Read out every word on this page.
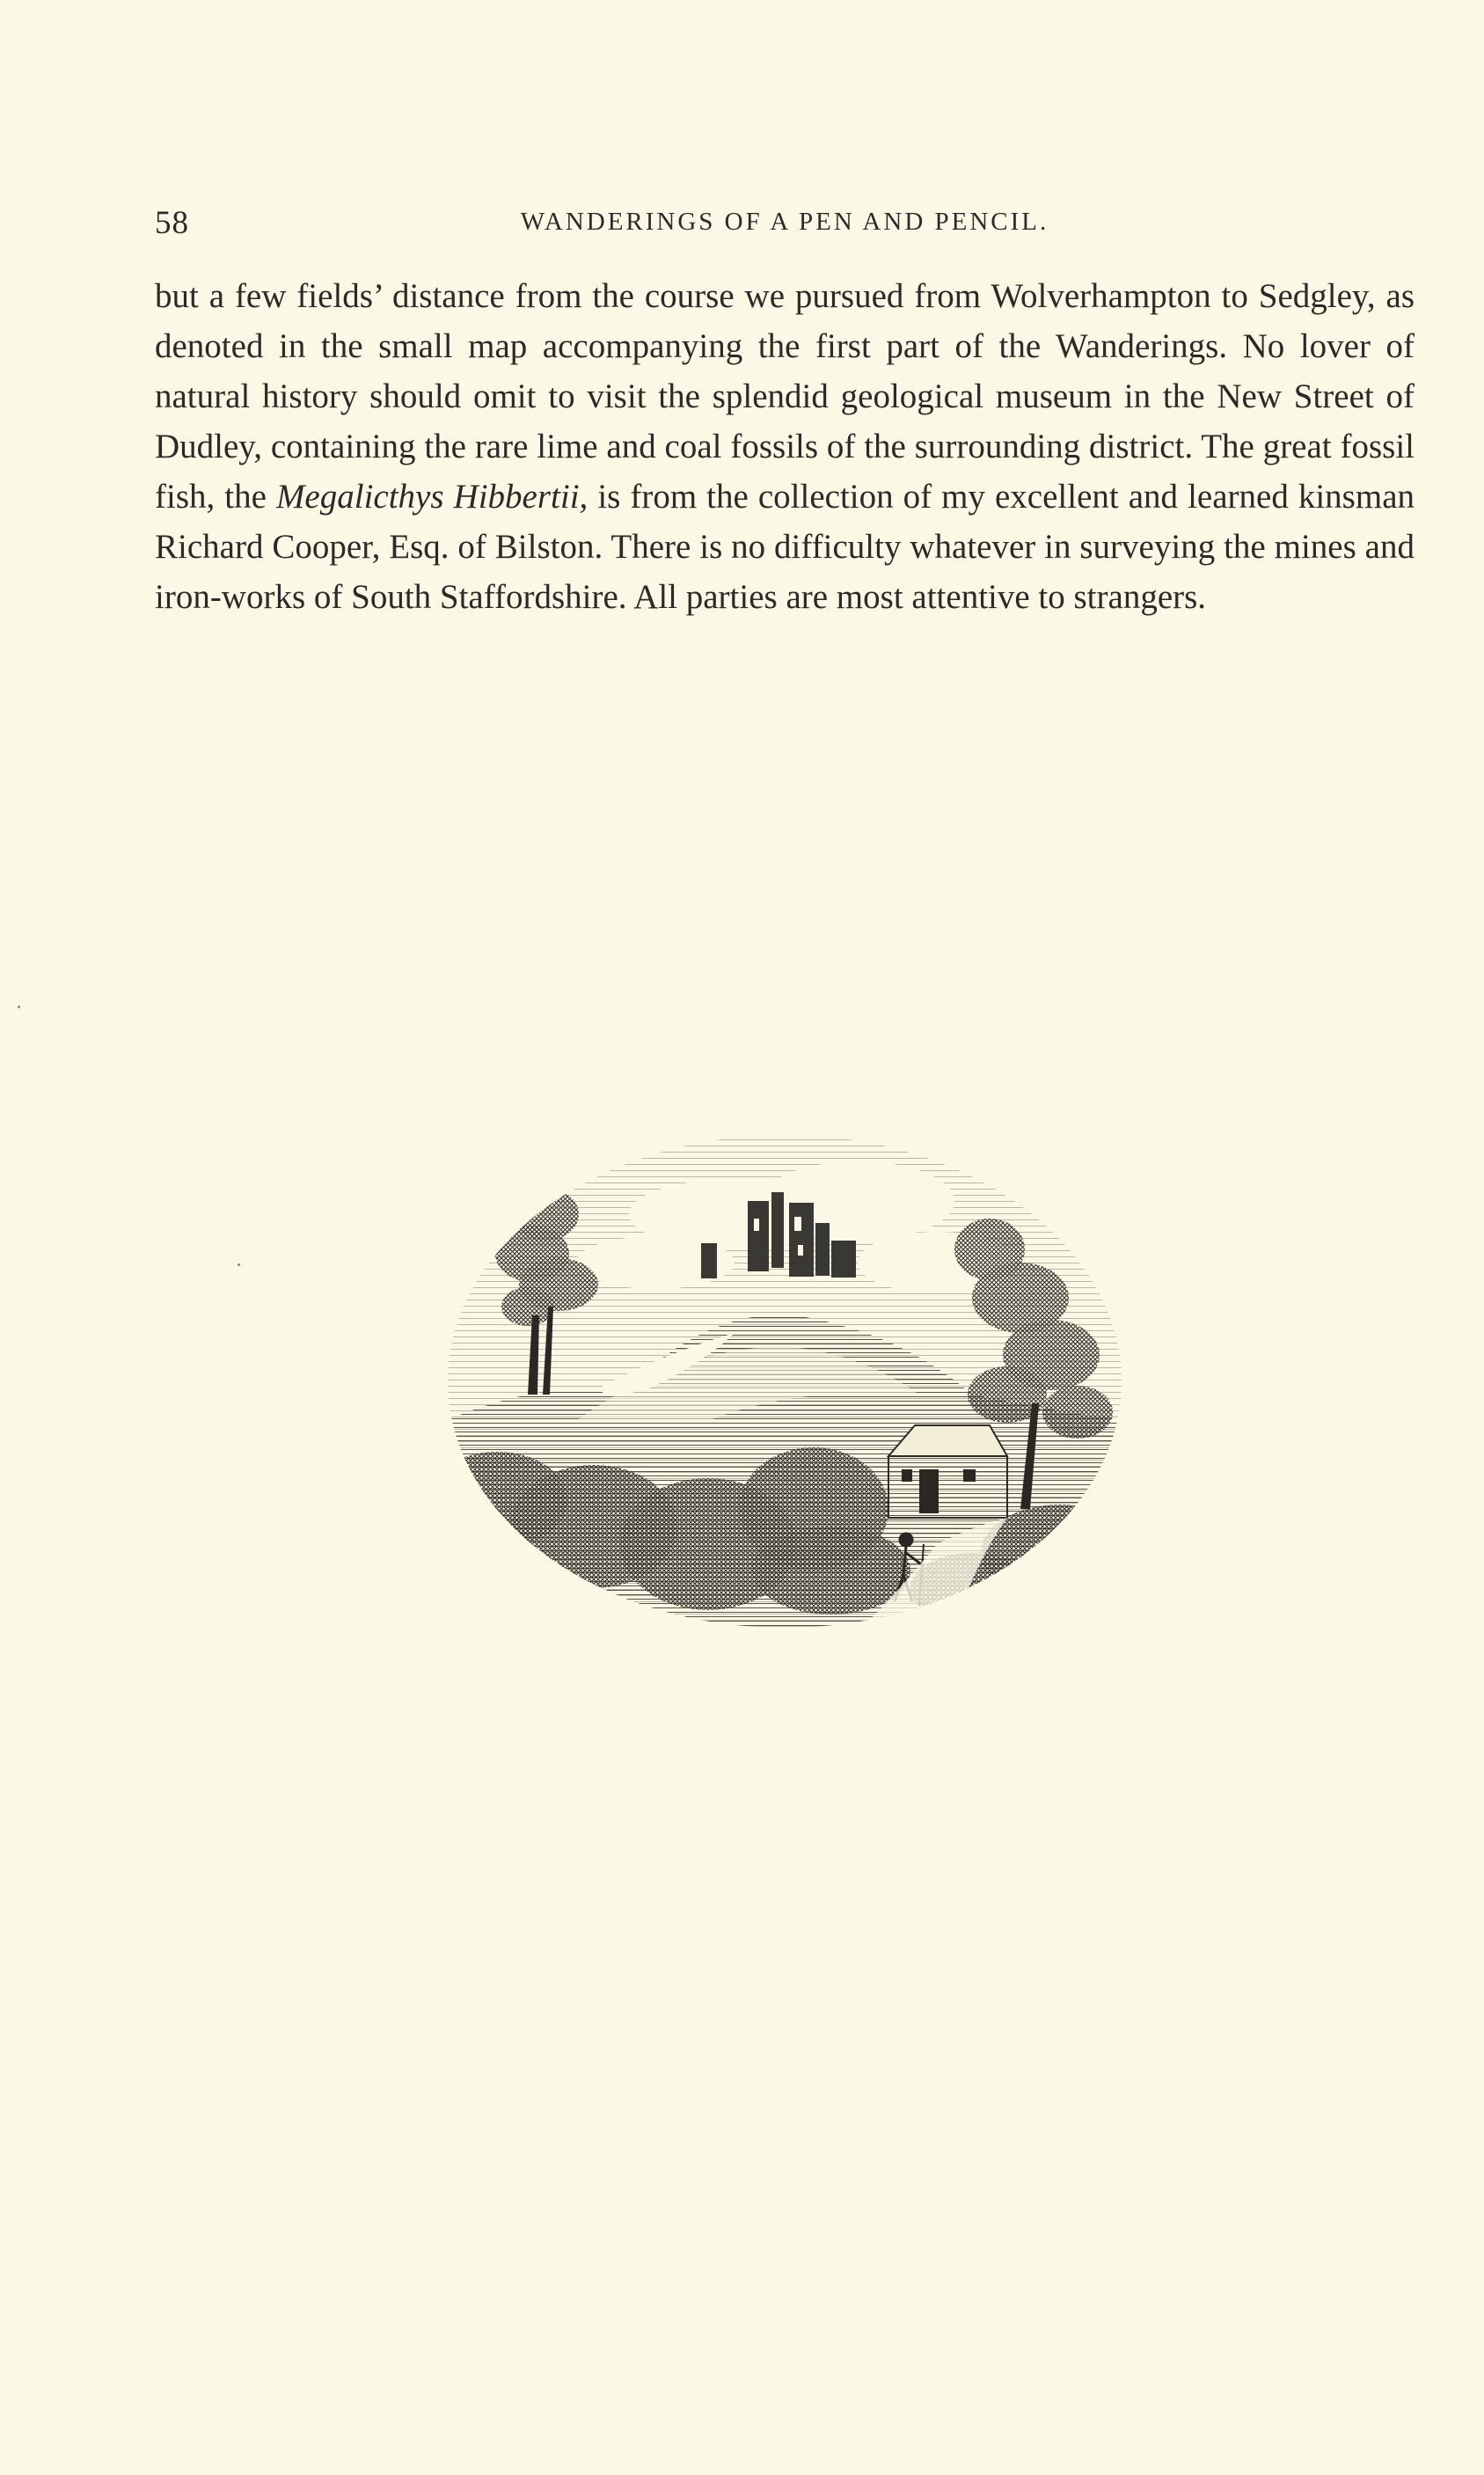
58	WANDERINGS OF A PEN AND PENCIL.

but a few fields’ distance from the course we pursued from Wolverhampton to Sedgley, as denoted in the small map accompanying the first part of the Wanderings. No lover of natural history should omit to visit the splendid geological museum in the New Street of Dudley, containing the rare lime and coal fossils of the surrounding district. The great fossil fish, the Megalicthys Hibbertii, is from the collection of my excellent and learned kinsman Richard Cooper, Esq. of Bilston. There is no difficulty whatever in surveying the mines and iron-works of South Staffordshire. All parties are most attentive to strangers.
